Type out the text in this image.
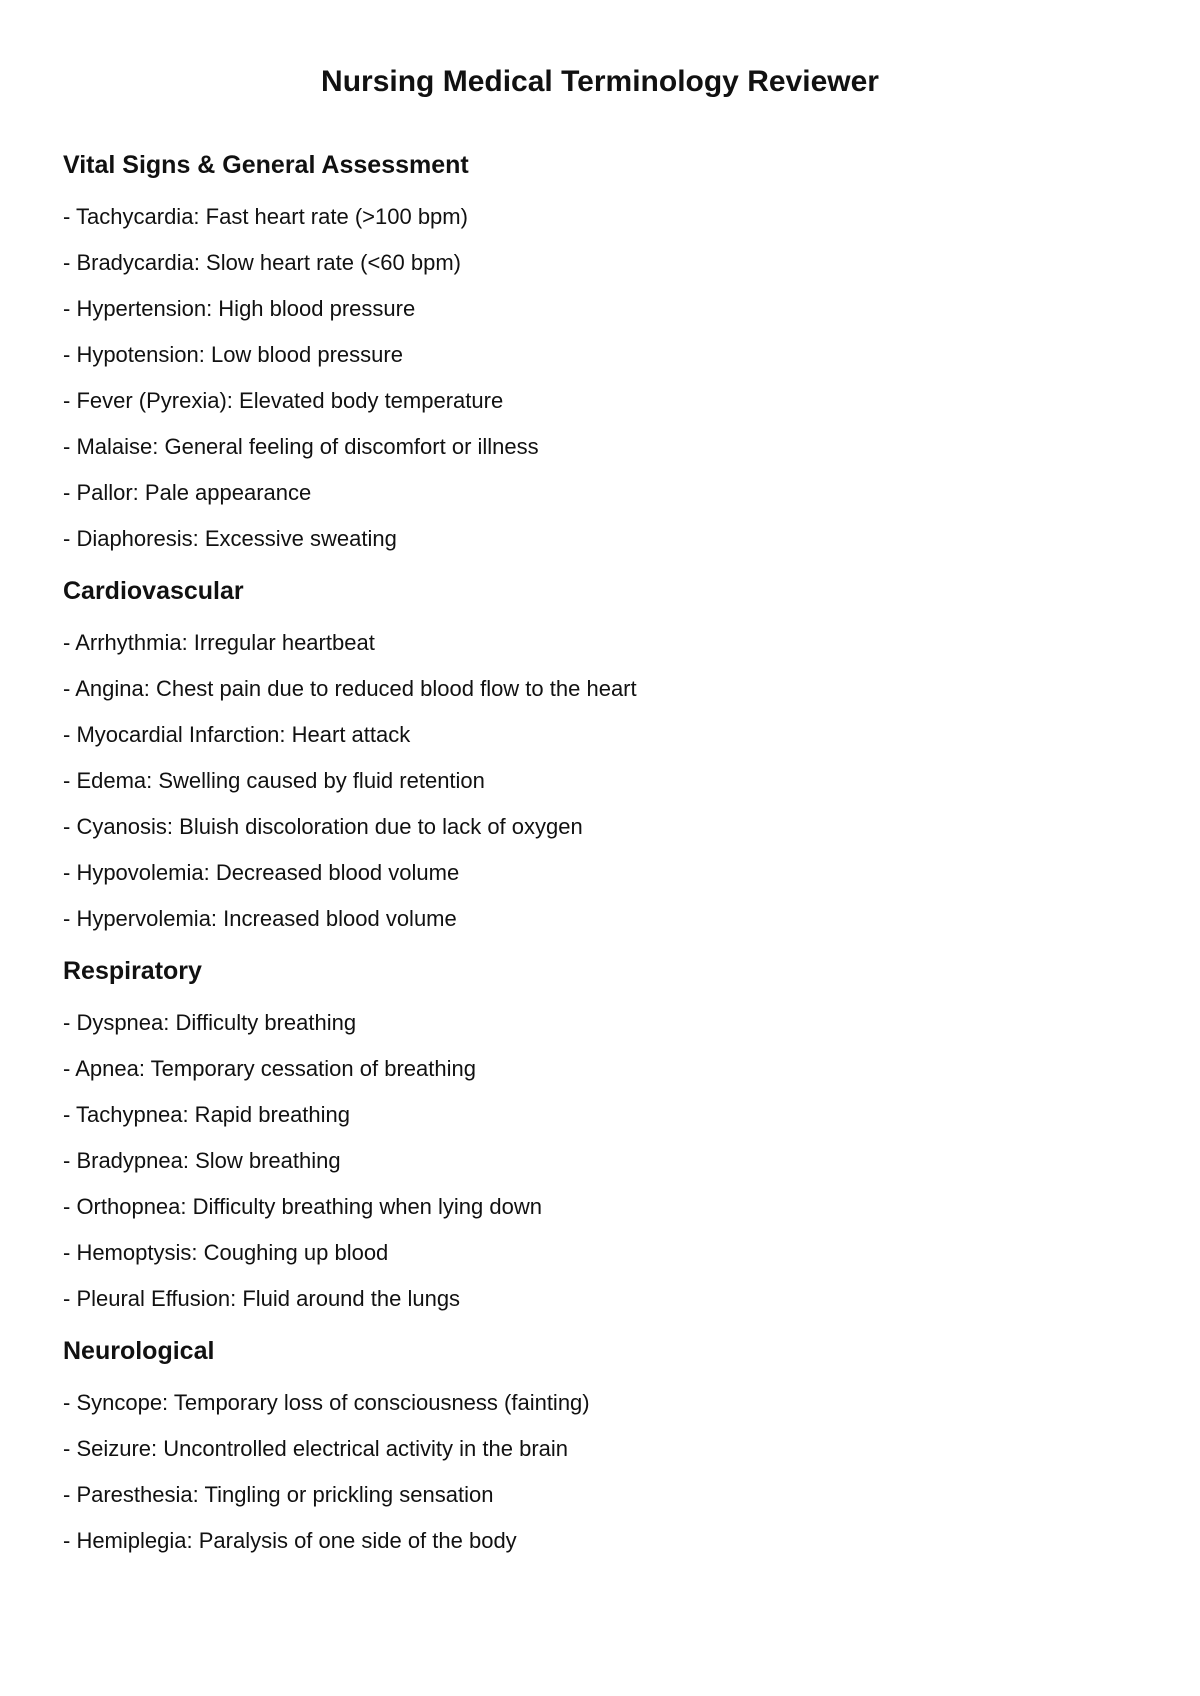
Nursing Medical Terminology Reviewer
Vital Signs & General Assessment
- Tachycardia: Fast heart rate (>100 bpm)
- Bradycardia: Slow heart rate (<60 bpm)
- Hypertension: High blood pressure
- Hypotension: Low blood pressure
- Fever (Pyrexia): Elevated body temperature
- Malaise: General feeling of discomfort or illness
- Pallor: Pale appearance
- Diaphoresis: Excessive sweating
Cardiovascular
- Arrhythmia: Irregular heartbeat
- Angina: Chest pain due to reduced blood flow to the heart
- Myocardial Infarction: Heart attack
- Edema: Swelling caused by fluid retention
- Cyanosis: Bluish discoloration due to lack of oxygen
- Hypovolemia: Decreased blood volume
- Hypervolemia: Increased blood volume
Respiratory
- Dyspnea: Difficulty breathing
- Apnea: Temporary cessation of breathing
- Tachypnea: Rapid breathing
- Bradypnea: Slow breathing
- Orthopnea: Difficulty breathing when lying down
- Hemoptysis: Coughing up blood
- Pleural Effusion: Fluid around the lungs
Neurological
- Syncope: Temporary loss of consciousness (fainting)
- Seizure: Uncontrolled electrical activity in the brain
- Paresthesia: Tingling or prickling sensation
- Hemiplegia: Paralysis of one side of the body
